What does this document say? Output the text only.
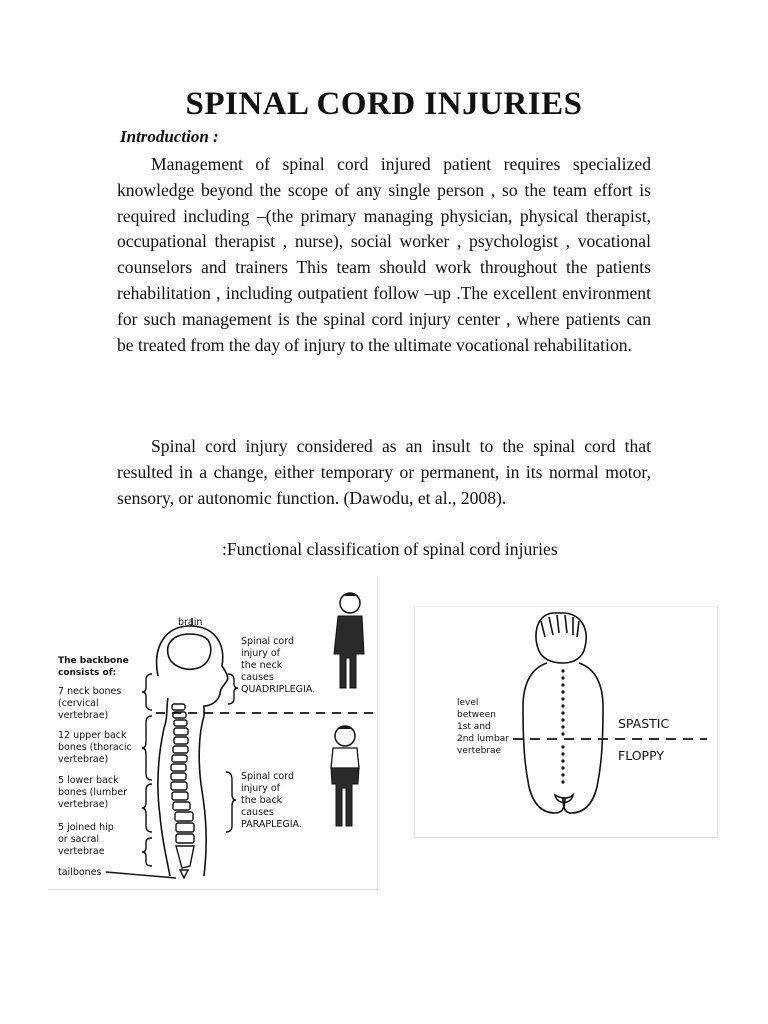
SPINAL CORD INJURIES

Introduction :

Management of spinal cord injured patient requires specialized knowledge beyond the scope of any single person , so the team effort is required including –(the primary managing physician, physical therapist, occupational therapist , nurse), social worker , psychologist , vocational counselors and trainers This team should work throughout the patients rehabilitation , including outpatient follow –up .The excellent environment for such management is the spinal cord injury center , where patients can be treated from the day of injury to the ultimate vocational rehabilitation.

Spinal cord injury considered as an insult to the spinal cord that resulted in a change, either temporary or permanent, in its normal motor, sensory, or autonomic function. (Dawodu, et al., 2008).

:Functional classification of spinal cord injuries

brain
The backbone
consists of:
7 neck bones
(cervical
vertebrae)
12 upper back
bones (thoracic
vertebrae)
5 lower back
bones (lumber
vertebrae)
5 joined hip
or sacral
vertebrae
tailbones
Spinal cord
injury of
the neck
causes
QUADRIPLEGIA.
Spinal cord
injury of
the back
causes
PARAPLEGIA.
level
between
1st and
2nd lumbar
vertebrae
SPASTIC
FLOPPY
